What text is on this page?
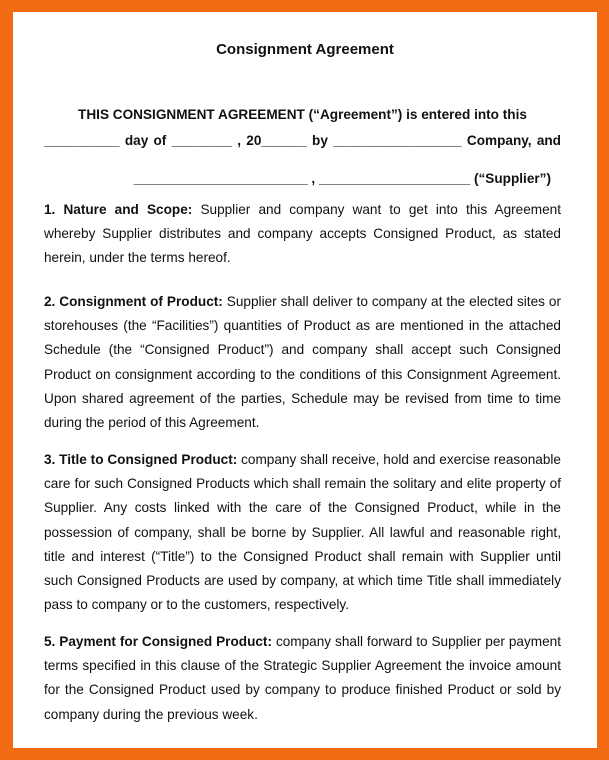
Consignment Agreement
THIS CONSIGNMENT AGREEMENT (“Agreement”) is entered into this
__________ day of ________ , 20______ by _________________ Company, and
_______________________ , ____________________ (“Supplier”)
1. Nature and Scope: Supplier and company want to get into this Agreement whereby Supplier distributes and company accepts Consigned Product, as stated herein, under the terms hereof.
2. Consignment of Product: Supplier shall deliver to company at the elected sites or storehouses (the “Facilities”) quantities of Product as are mentioned in the attached Schedule (the “Consigned Product”) and company shall accept such Consigned Product on consignment according to the conditions of this Consignment Agreement. Upon shared agreement of the parties, Schedule may be revised from time to time during the period of this Agreement.
3. Title to Consigned Product: company shall receive, hold and exercise reasonable care for such Consigned Products which shall remain the solitary and elite property of Supplier. Any costs linked with the care of the Consigned Product, while in the possession of company, shall be borne by Supplier. All lawful and reasonable right, title and interest (“Title”) to the Consigned Product shall remain with Supplier until such Consigned Products are used by company, at which time Title shall immediately pass to company or to the customers, respectively.
5. Payment for Consigned Product: company shall forward to Supplier per payment terms specified in this clause of the Strategic Supplier Agreement the invoice amount for the Consigned Product used by company to produce finished Product or sold by company during the previous week.
